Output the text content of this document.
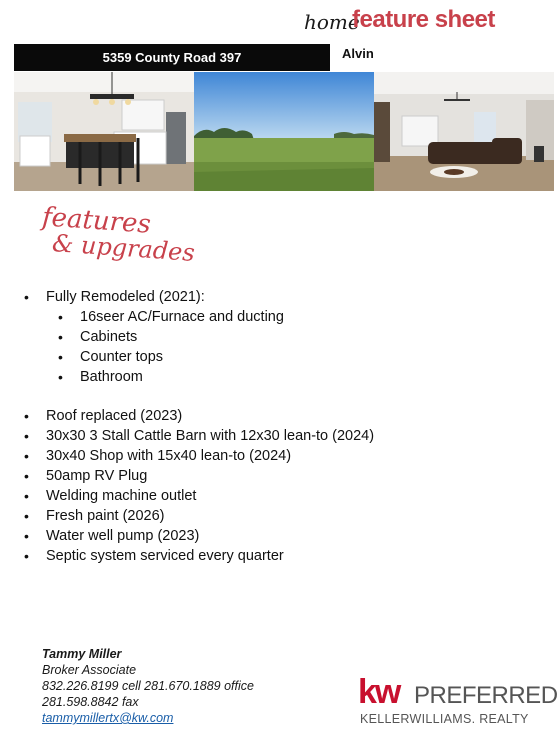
home
feature sheet
5359 County Road 397	Alvin
features
& upgrades
• Fully Remodeled (2021):
• 16seer AC/Furnace and ducting
• Cabinets
• Counter tops
• Bathroom
• Roof replaced (2023)
• 30x30 3 Stall Cattle Barn with 12x30 lean-to (2024)
• 30x40 Shop with 15x40 lean-to (2024)
• 50amp RV Plug
• Welding machine outlet
• Fresh paint (2026)
• Water well pump (2023)
• Septic system serviced every quarter
Tammy Miller
Broker Associate
832.226.8199 cell 281.670.1889 office
281.598.8842 fax
tammymillertx@kw.com
kw PREFERRED
KELLERWILLIAMS. REALTY
